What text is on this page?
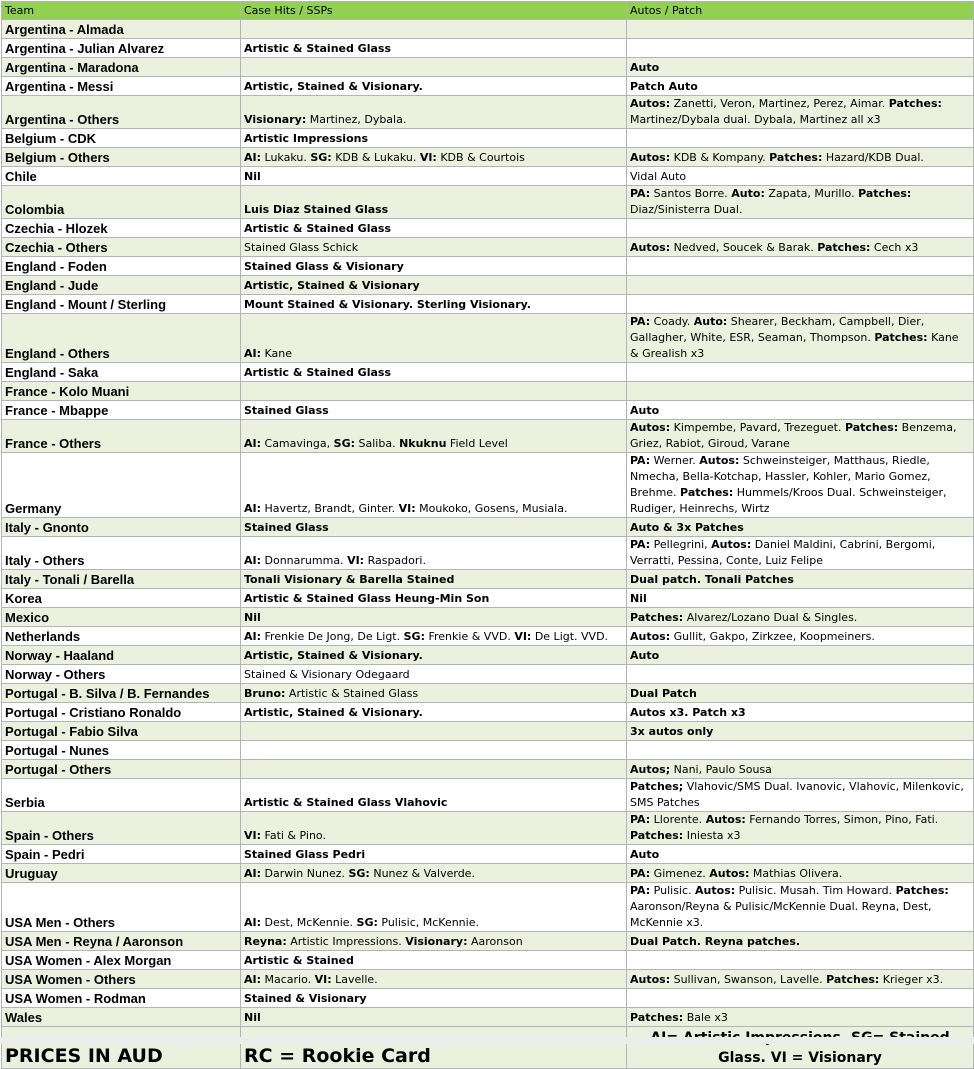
Team	Case Hits / SSPs	Autos / Patch
Argentina - Almada		
Argentina - Julian Alvarez	Artistic & Stained Glass	
Argentina - Maradona		Auto
Argentina - Messi	Artistic, Stained & Visionary.	Patch Auto
Argentina - Others	Visionary: Martinez, Dybala.	Autos: Zanetti, Veron, Martinez, Perez, Aimar. Patches: Martinez/Dybala dual. Dybala, Martinez all x3
Belgium - CDK	Artistic Impressions	
Belgium - Others	AI: Lukaku. SG: KDB & Lukaku. VI: KDB & Courtois	Autos: KDB & Kompany. Patches: Hazard/KDB Dual.
Chile	Nil	Vidal Auto
Colombia	Luis Diaz Stained Glass	PA: Santos Borre. Auto: Zapata, Murillo. Patches: Diaz/Sinisterra Dual.
Czechia - Hlozek	Artistic & Stained Glass	
Czechia - Others	Stained Glass Schick	Autos: Nedved, Soucek & Barak. Patches: Cech x3
England - Foden	Stained Glass & Visionary	
England - Jude	Artistic, Stained & Visionary	
England - Mount / Sterling	Mount Stained & Visionary. Sterling Visionary.	
England - Others	AI: Kane	PA: Coady. Auto: Shearer, Beckham, Campbell, Dier, Gallagher, White, ESR, Seaman, Thompson. Patches: Kane & Grealish x3
England - Saka	Artistic & Stained Glass	
France - Kolo Muani		
France - Mbappe	Stained Glass	Auto
France - Others	AI: Camavinga, SG: Saliba. Nkuknu Field Level	Autos: Kimpembe, Pavard, Trezeguet. Patches: Benzema, Griez, Rabiot, Giroud, Varane
Germany	AI: Havertz, Brandt, Ginter. VI: Moukoko, Gosens, Musiala.	PA: Werner. Autos: Schweinsteiger, Matthaus, Riedle, Nmecha, Bella-Kotchap, Hassler, Kohler, Mario Gomez, Brehme. Patches: Hummels/Kroos Dual. Schweinsteiger, Rudiger, Heinrechs, Wirtz
Italy - Gnonto	Stained Glass	Auto & 3x Patches
Italy - Others	AI: Donnarumma. VI: Raspadori.	PA: Pellegrini, Autos: Daniel Maldini, Cabrini, Bergomi, Verratti, Pessina, Conte, Luiz Felipe
Italy - Tonali / Barella	Tonali Visionary & Barella Stained	Dual patch. Tonali Patches
Korea	Artistic & Stained Glass Heung-Min Son	Nil
Mexico	Nil	Patches: Alvarez/Lozano Dual & Singles.
Netherlands	AI: Frenkie De Jong, De Ligt. SG: Frenkie & VVD. VI: De Ligt. VVD.	Autos: Gullit, Gakpo, Zirkzee, Koopmeiners.
Norway - Haaland	Artistic, Stained & Visionary.	Auto
Norway - Others	Stained & Visionary Odegaard	
Portugal - B. Silva / B. Fernandes	Bruno: Artistic & Stained Glass	Dual Patch
Portugal - Cristiano Ronaldo	Artistic, Stained & Visionary.	Autos x3. Patch x3
Portugal - Fabio Silva		3x autos only
Portugal - Nunes		
Portugal - Others		Autos; Nani, Paulo Sousa
Serbia	Artistic & Stained Glass Vlahovic	Patches; Vlahovic/SMS Dual. Ivanovic, Vlahovic, Milenkovic, SMS Patches
Spain - Others	VI: Fati & Pino.	PA: Llorente. Autos: Fernando Torres, Simon, Pino, Fati. Patches: Iniesta x3
Spain - Pedri	Stained Glass Pedri	Auto
Uruguay	AI: Darwin Nunez. SG: Nunez & Valverde.	PA: Gimenez. Autos: Mathias Olivera.
USA Men - Others	AI: Dest, McKennie. SG: Pulisic, McKennie.	PA: Pulisic. Autos: Pulisic. Musah. Tim Howard. Patches: Aaronson/Reyna & Pulisic/McKennie Dual. Reyna, Dest, McKennie x3.
USA Men - Reyna / Aaronson	Reyna: Artistic Impressions. Visionary: Aaronson	Dual Patch. Reyna patches.
USA Women - Alex Morgan	Artistic & Stained	
USA Women - Others	AI: Macario. VI: Lavelle.	Autos: Sullivan, Swanson, Lavelle. Patches: Krieger x3.
USA Women - Rodman	Stained & Visionary	
Wales	Nil	Patches: Bale x3
PRICES IN AUD	RC = Rookie Card	Glass. VI = Visionary
